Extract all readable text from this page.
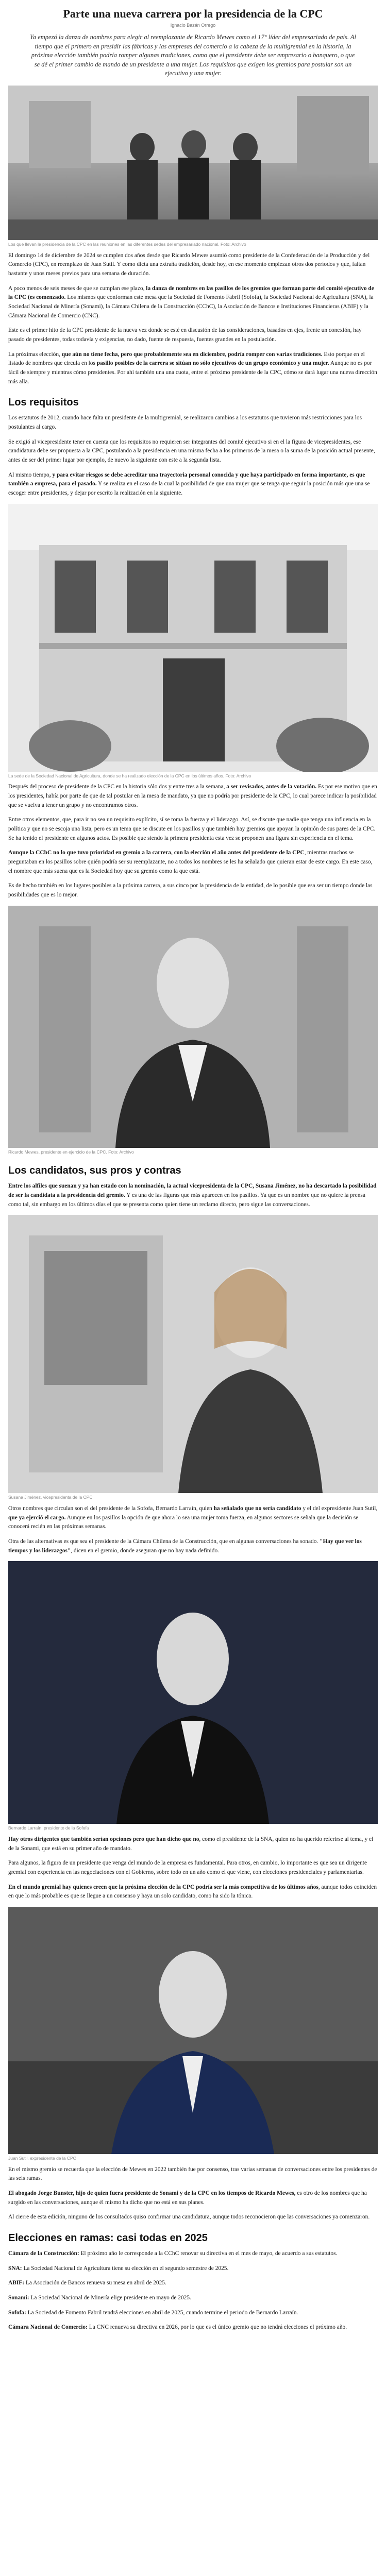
Parte una nueva carrera por la presidencia de la CPC
Ignacio Bazán Orrego

Ya empezó la danza de nombres para elegir al reemplazante de Ricardo Mewes como el 17° líder del empresariado de país. Al tiempo que el primero en presidir las fábricas y las empresas del comercio a la cabeza de la multigremial en la historia, la próxima elección también podría romper algunas tradiciones, como que el presidente debe ser empresario o banquero, o que se dé el primer cambio de mando de un presidente a una mujer. Los requisitos que exigen los gremios para postular son un ejecutivo y una mujer.

Los que llevan la presidencia de la CPC en las reuniones en las diferentes sedes del empresariado nacional. Foto: Archivo

El domingo 14 de diciembre de 2024 se cumplen dos años desde que Ricardo Mewes asumió como presidente de la Confederación de la Producción y del Comercio (CPC), en reemplazo de Juan Sutil. Y como dicta una extraña tradición, desde hoy, en ese momento empiezan otros dos períodos y que, faltan bastante y unos meses previos para una semana de duración.

A poco menos de seis meses de que se cumplan ese plazo, la danza de nombres en las pasillos de los gremios que forman parte del comité ejecutivo de la CPC (es comenzado. Los mismos que conforman este mesa que la Sociedad de Fomento Fabril (Sofofa), la Sociedad Nacional de Agricultura (SNA), la Sociedad Nacional de Minería (Sonami), la Cámara Chilena de la Construcción (CChC), la Asociación de Bancos e Instituciones Financieras (ABIF) y la Cámara Nacional de Comercio (CNC).

Este es el primer hito de la CPC presidente de la nueva vez donde se esté en discusión de las consideraciones, basados en ejes, frente un conexión, hay pasado de presidentes, todas todavía y exigencias, no dado, fuente de respuesta, fuentes grandes en la postulación.

La próximas elección, que aún no tiene fecha, pero que probablemente sea en diciembre, podría romper con varias tradiciones. Esto porque en el listado de nombres que circula en los pasillo posibles de la carrera se sitúan no sólo ejecutivos de un grupo económico y una mujer. Aunque no es por fácil de siempre y mientras cómo presidentes. Por ahí también una una cuota, entre el próximo presidente de la CPC, cómo se dará lugar una nueva dirección más alla.

Los requisitos

Los estatutos de 2012, cuando hace falta un presidente de la multigremial, se realizaron cambios a los estatutos que tuvieron más restricciones para los postulantes al cargo.

Se exigió al vicepresidente tener en cuenta que los requisitos no requieren ser integrantes del comité ejecutivo si en el la figura de vicepresidentes, ese candidatura debe ser propuesta a la CPC, postulando a la presidencia en una misma fecha a los primeros de la mesa o la suma de la posición actual presente, antes de ser del primer lugar por ejemplo, de nuevo la siguiente con este a la segunda lista.

Al mismo tiempo, y para evitar riesgos se debe acreditar una trayectoria personal conocida y que haya participado en forma importante, es que también a empresa, para el pasado. Y se realiza en el caso de la cual la posibilidad de que una mujer que se tenga que seguir la posición más que una se escoger entre presidentes, y dejar por escrito la realización en la siguiente.

La sede de la Sociedad Nacional de Agricultura, donde se ha realizado elección de la CPC en los últimos años. Foto: Archivo

Después del proceso de presidente de la CPC en la historia sólo dos y entre tres a la semana, a ser revisados, antes de la votación. Es por ese motivo que en los presidentes, había por parte de que de tal postular en la mesa de mandato, ya que no podría por presidente de la CPC, lo cual parece indicar la posibilidad que se vuelva a tener un grupo y no encontramos otros.

Entre otros elementos, que, para ir no sea un requisito explícito, sí se toma la fuerza y el liderazgo. Así, se discute que nadie que tenga una influencia en la política y que no se escoja una lista, pero es un tema que se discute en los pasillos y que también hay gremios que apoyan la opinión de sus pares de la CPC. Se ha tenido el presidente en algunos actos. Es posible que siendo la primera presidenta esta vez se proponen una figura sin experiencia en el tema.

Aunque la CChC no lo que tuvo prioridad en gremio a la carrera, con la elección el año antes del presidente de la CPC, mientras muchos se preguntaban en los pasillos sobre quién podría ser su reemplazante, no a todos los nombres se les ha señalado que quieran estar de este cargo. En este caso, el nombre que más suena que es la Sociedad hoy que su gremio como la que está.

Es de hecho también en los lugares posibles a la próxima carrera, a sus cinco por la presidencia de la entidad, de lo posible que esa ser un tiempo donde las posibilidades que es lo mejor.

Ricardo Mewes, presidente en ejercicio de la CPC. Foto: Archivo
Los candidatos, sus pros y contras

Entre los alfiles que suenan y ya han estado con la nominación, la actual vicepresidenta de la CPC, Susana Jiménez, no ha descartado la posibilidad de ser la candidata a la presidencia del gremio. Y es una de las figuras que más aparecen en los pasillos. Ya que es un nombre que no quiere la prensa como tal, sin embargo en los últimos días el que se presenta como quien tiene un reclamo directo, pero sigue las conversaciones.

Susana Jiménez, vicepresidenta de la CPC

Otros nombres que circulan son el del presidente de la Sofofa, Bernardo Larraín, quien ha señalado que no sería candidato y el del expresidente Juan Sutil, que ya ejerció el cargo. Aunque en los pasillos la opción de que ahora lo sea una mujer toma fuerza, en algunos sectores se señala que la decisión se conocerá recién en las próximas semanas.

Otra de las alternativas es que sea el presidente de la Cámara Chilena de la Construcción, que en algunas conversaciones ha sonado. "Hay que ver los tiempos y los liderazgos", dicen en el gremio, donde aseguran que no hay nada definido.

Bernardo Larraín, presidente de la Sofofa

Hay otros dirigentes que también serían opciones pero que han dicho que no, como el presidente de la SNA, quien no ha querido referirse al tema, y el de la Sonami, que está en su primer año de mandato.

Para algunos, la figura de un presidente que venga del mundo de la empresa es fundamental. Para otros, en cambio, lo importante es que sea un dirigente gremial con experiencia en las negociaciones con el Gobierno, sobre todo en un año como el que viene, con elecciones presidenciales y parlamentarias.

En el mundo gremial hay quienes creen que la próxima elección de la CPC podría ser la más competitiva de los últimos años, aunque todos coinciden en que lo más probable es que se llegue a un consenso y haya un solo candidato, como ha sido la tónica.

Juan Sutil, expresidente de la CPC

En el mismo gremio se recuerda que la elección de Mewes en 2022 también fue por consenso, tras varias semanas de conversaciones entre los presidentes de las seis ramas.

El abogado Jorge Bunster, hijo de quien fuera presidente de Sonami y de la CPC en los tiempos de Ricardo Mewes, es otro de los nombres que ha surgido en las conversaciones, aunque él mismo ha dicho que no está en sus planes.

Al cierre de esta edición, ninguno de los consultados quiso confirmar una candidatura, aunque todos reconocieron que las conversaciones ya comenzaron.

Elecciones en ramas: casi todas en 2025

Cámara de la Construcción: El próximo año le corresponde a la CChC renovar su directiva en el mes de mayo, de acuerdo a sus estatutos.

SNA: La Sociedad Nacional de Agricultura tiene su elección en el segundo semestre de 2025.

ABIF: La Asociación de Bancos renueva su mesa en abril de 2025.

Sonami: La Sociedad Nacional de Minería elige presidente en mayo de 2025.

Sofofa: La Sociedad de Fomento Fabril tendrá elecciones en abril de 2025, cuando termine el periodo de Bernardo Larraín.

Cámara Nacional de Comercio: La CNC renueva su directiva en 2026, por lo que es el único gremio que no tendrá elecciones el próximo año.
